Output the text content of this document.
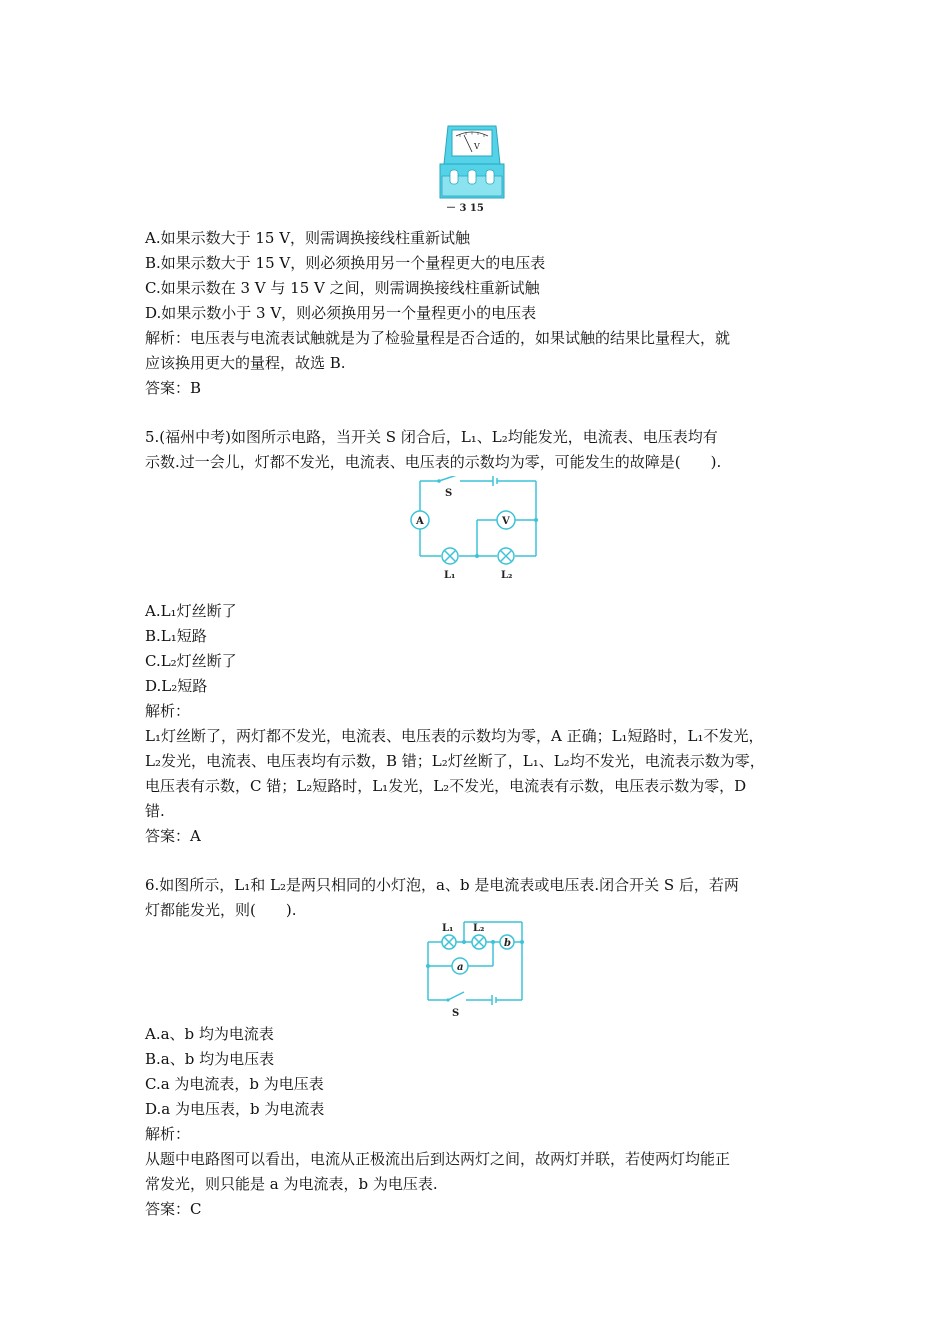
V
－ 3 15
A.如果示数大于 15 V，则需调换接线柱重新试触
B.如果示数大于 15 V，则必须换用另一个量程更大的电压表
C.如果示数在 3 V 与 15 V 之间，则需调换接线柱重新试触
D.如果示数小于 3 V，则必须换用另一个量程更小的电压表
解析：电压表与电流表试触就是为了检验量程是否合适的，如果试触的结果比量程大，就
应该换用更大的量程，故选 B.
答案：B
5.(福州中考)如图所示电路，当开关 S 闭合后，L₁、L₂均能发光，电流表、电压表均有
示数.过一会儿，灯都不发光，电流表、电压表的示数均为零，可能发生的故障是(　　).
S
A	V
L₁	L₂
A.L₁灯丝断了
B.L₁短路
C.L₂灯丝断了
D.L₂短路
解析：
L₁灯丝断了，两灯都不发光，电流表、电压表的示数均为零，A 正确；L₁短路时，L₁不发光，
L₂发光，电流表、电压表均有示数，B 错；L₂灯丝断了，L₁、L₂均不发光，电流表示数为零，
电压表有示数，C 错；L₂短路时，L₁发光，L₂不发光，电流表有示数，电压表示数为零，D
错.
答案：A
6.如图所示，L₁和 L₂是两只相同的小灯泡，a、b 是电流表或电压表.闭合开关 S 后，若两
灯都能发光，则(　　).
L₁ L₂
b
a
S
A.a、b 均为电流表
B.a、b 均为电压表
C.a 为电流表，b 为电压表
D.a 为电压表，b 为电流表
解析：
从题中电路图可以看出，电流从正极流出后到达两灯之间，故两灯并联，若使两灯均能正
常发光，则只能是 a 为电流表，b 为电压表.
答案：C
